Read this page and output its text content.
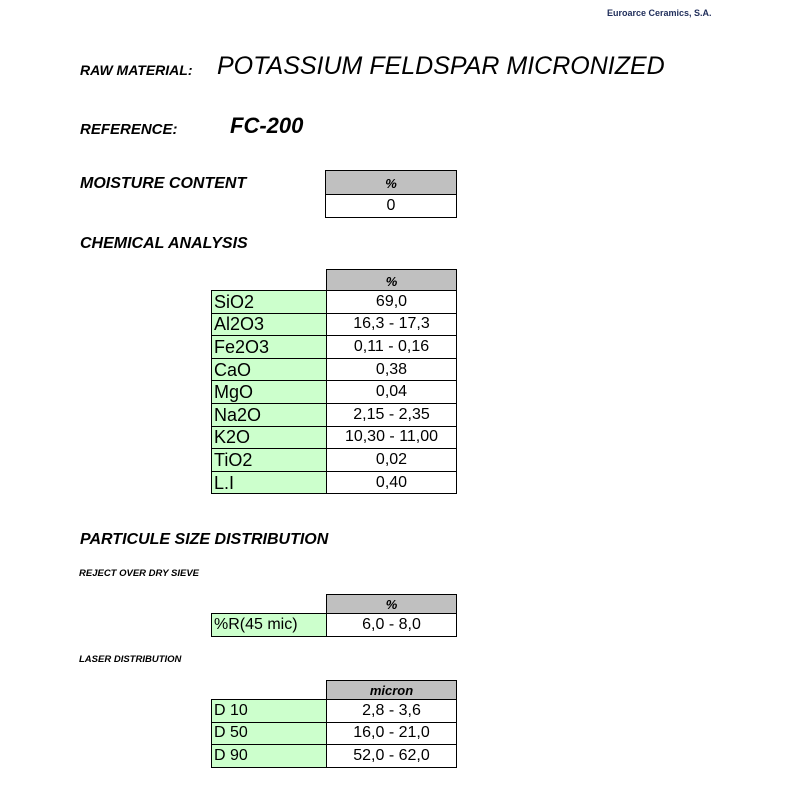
Euroarce Ceramics, S.A.
RAW MATERIAL: POTASSIUM FELDSPAR MICRONIZED
REFERENCE: FC-200
MOISTURE CONTENT	%
0
CHEMICAL ANALYSIS
%
SiO2	69,0
Al2O3	16,3 - 17,3
Fe2O3	0,11 - 0,16
CaO	0,38
MgO	0,04
Na2O	2,15 - 2,35
K2O	10,30 - 11,00
TiO2	0,02
L.I	0,40
PARTICULE SIZE DISTRIBUTION
REJECT OVER DRY SIEVE
%
%R(45 mic)	6,0 - 8,0
LASER DISTRIBUTION
micron
D 10	2,8 - 3,6
D 50	16,0 - 21,0
D 90	52,0 - 62,0
